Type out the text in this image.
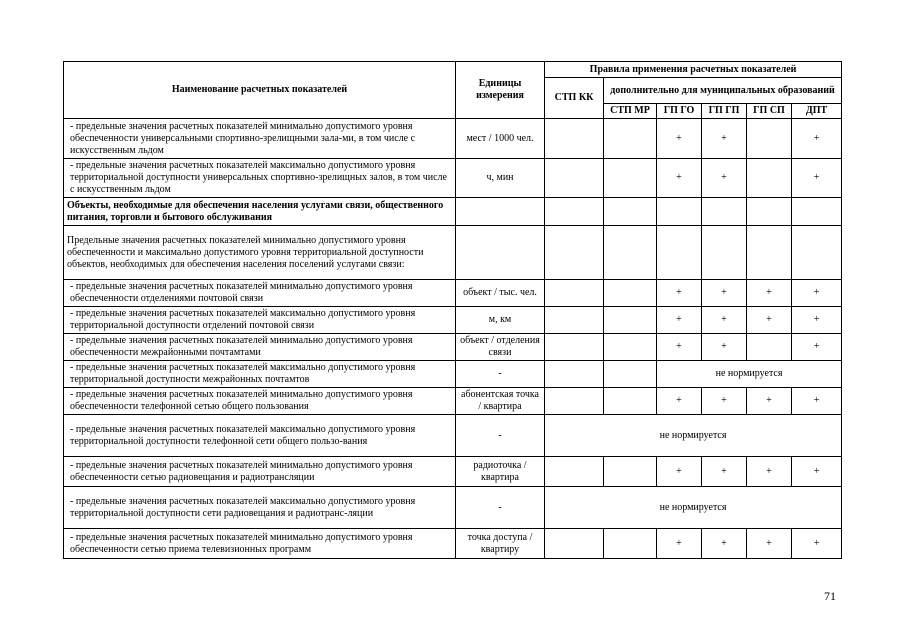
Наименование расчетных показателей	Единицы измерения	Правила применения расчетных показателей					
		СТП КК	дополнительно для муниципальных образований				
			СТП МР	ГП ГО	ГП ГП	ГП СП	ДПТ
- предельные значения расчетных показателей минимально допустимого уровня обеспеченности универсальными спортивно-зрелищными зала-ми, в том числе с искусственным льдом	мест / 1000 чел.			+	+		+
- предельные значения расчетных показателей максимально допустимого уровня территориальной доступности универсальных спортивно-зрелищных залов, в том числе с искусственным льдом	ч, мин			+	+		+
Объекты, необходимые для обеспечения населения услугами связи, общественного питания, торговли и бытового обслуживания							
Предельные значения расчетных показателей минимально допустимого уровня обеспеченности и максимально допустимого уровня территориальной доступности объектов, необходимых для обеспечения населения поселений услугами связи:							
- предельные значения расчетных показателей минимально допустимого уровня обеспеченности отделениями почтовой связи	объект / тыс. чел.			+	+	+	+
- предельные значения расчетных показателей максимально допустимого уровня территориальной доступности отделений почтовой связи	м, км			+	+	+	+
- предельные значения расчетных показателей минимально допустимого уровня обеспеченности межрайонными почтамтами	объект / отделения связи			+	+		+
- предельные значения расчетных показателей максимально допустимого уровня территориальной доступности межрайонных почтамтов	-			не нормируется			
- предельные значения расчетных показателей минимально допустимого уровня обеспеченности телефонной сетью общего пользования	абонентская точка / квартира			+	+	+	+
- предельные значения расчетных показателей максимально допустимого уровня территориальной доступности телефонной сети общего пользо-вания	-	не нормируется					
- предельные значения расчетных показателей минимально допустимого уровня обеспеченности сетью радиовещания и радиотрансляции	радиоточка / квартира			+	+	+	+
- предельные значения расчетных показателей максимально допустимого уровня территориальной доступности сети радиовещания и радиотранс-ляции	-	не нормируется					
- предельные значения расчетных показателей минимально допустимого уровня обеспеченности сетью приема телевизионных программ	точка доступа / квартиру			+	+	+	+
71
